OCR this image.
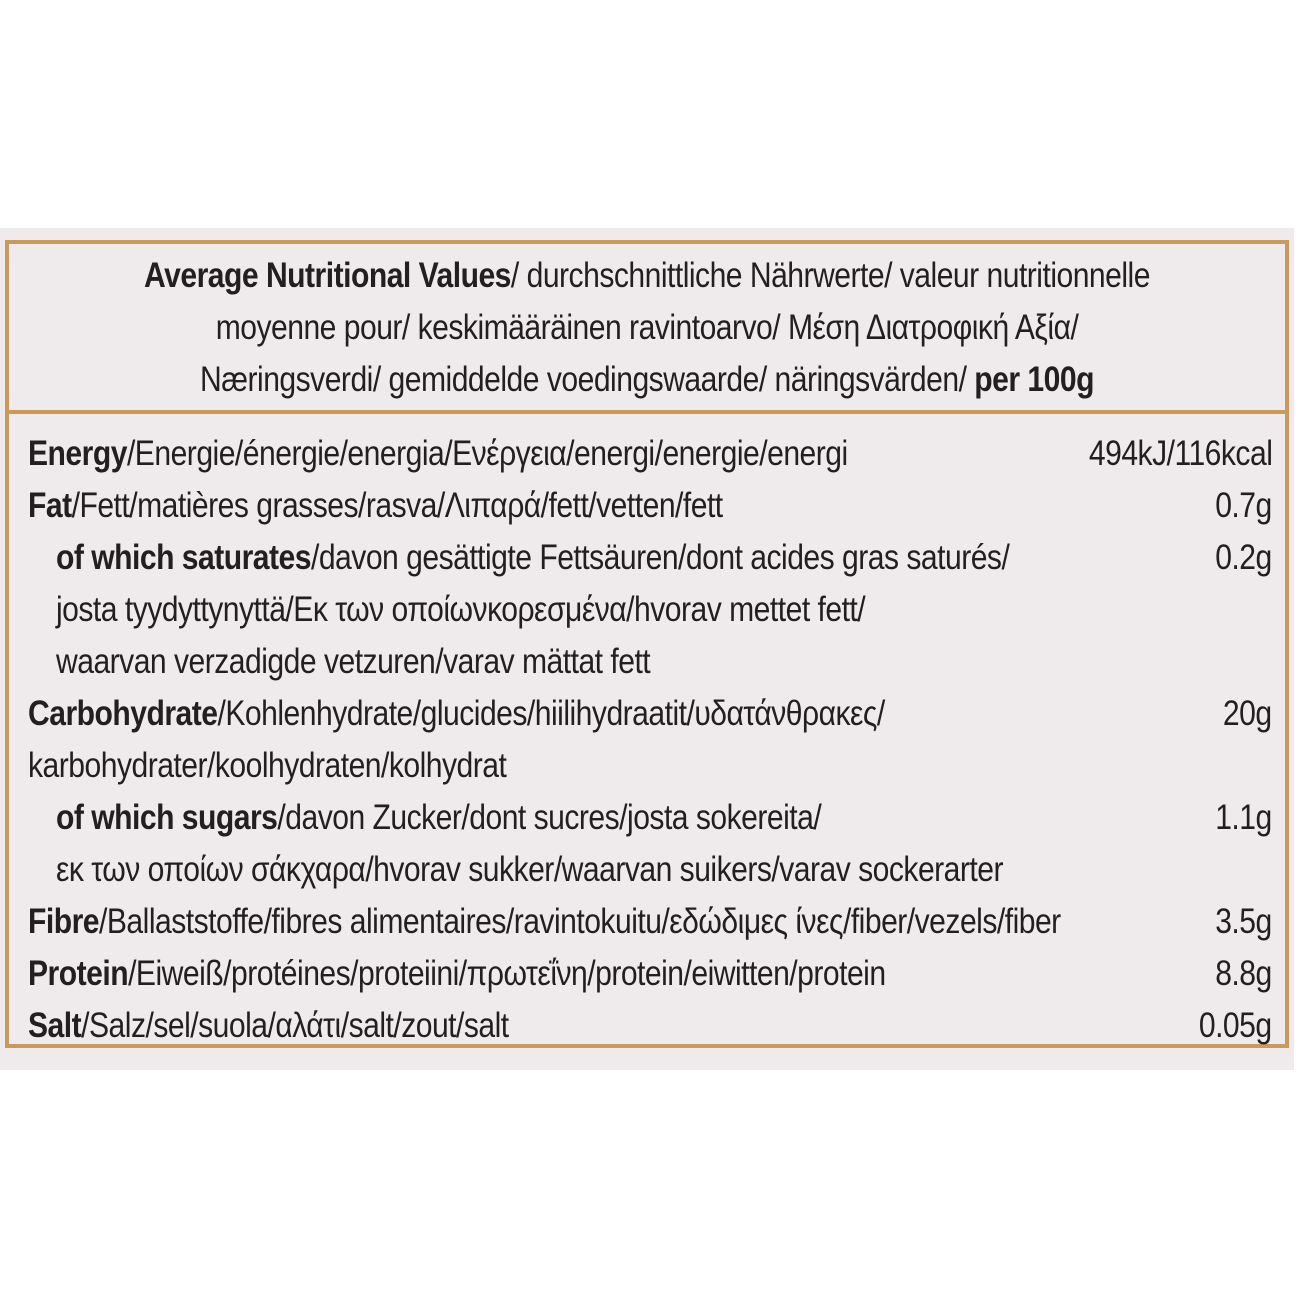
Average Nutritional Values/ durchschnittliche Nährwerte/ valeur nutritionnelle
moyenne pour/ keskimääräinen ravintoarvo/ Μέση Διατροφική Αξία/
Næringsverdi/ gemiddelde voedingswaarde/ näringsvärden/ per 100g
Energy/Energie/énergie/energia/Ενέργεια/energi/energie/energi	494kJ/116kcal
Fat/Fett/matières grasses/rasva/Λιπαρά/fett/vetten/fett	0.7g
of which saturates/davon gesättigte Fettsäuren/dont acides gras saturés/	0.2g
josta tyydyttynyttä/Εκ των οποίωνκορεσμένα/hvorav mettet fett/
waarvan verzadigde vetzuren/varav mättat fett
Carbohydrate/Kohlenhydrate/glucides/hiilihydraatit/υδατάνθρακες/	20g
karbohydrater/koolhydraten/kolhydrat
of which sugars/davon Zucker/dont sucres/josta sokereita/	1.1g
εκ των οποίων σάκχαρα/hvorav sukker/waarvan suikers/varav sockerarter
Fibre/Ballaststoffe/fibres alimentaires/ravintokuitu/εδώδιμες ίνες/fiber/vezels/fiber	3.5g
Protein/Eiweiß/protéines/proteiini/πρωτεΐνη/protein/eiwitten/protein	8.8g
Salt/Salz/sel/suola/αλάτι/salt/zout/salt	0.05g
